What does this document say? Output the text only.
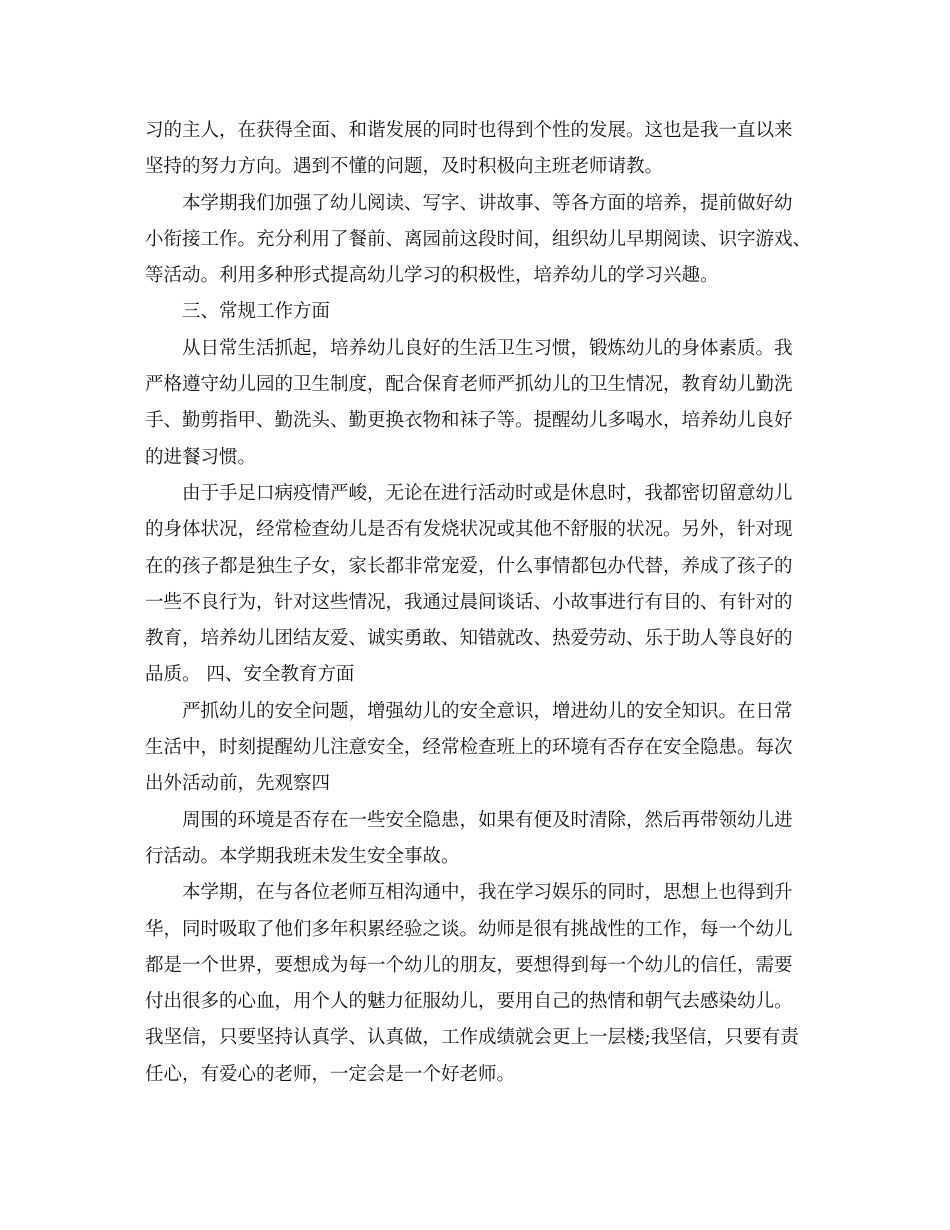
习的主人，在获得全面、和谐发展的同时也得到个性的发展。这也是我一直以来
坚持的努力方向。遇到不懂的问题，及时积极向主班老师请教。
本学期我们加强了幼儿阅读、写字、讲故事、等各方面的培养，提前做好幼
小衔接工作。充分利用了餐前、离园前这段时间，组织幼儿早期阅读、识字游戏、
等活动。利用多种形式提高幼儿学习的积极性，培养幼儿的学习兴趣。
三、常规工作方面
从日常生活抓起，培养幼儿良好的生活卫生习惯，锻炼幼儿的身体素质。我
严格遵守幼儿园的卫生制度，配合保育老师严抓幼儿的卫生情况，教育幼儿勤洗
手、勤剪指甲、勤洗头、勤更换衣物和袜子等。提醒幼儿多喝水，培养幼儿良好
的进餐习惯。
由于手足口病疫情严峻，无论在进行活动时或是休息时，我都密切留意幼儿
的身体状况，经常检查幼儿是否有发烧状况或其他不舒服的状况。另外，针对现
在的孩子都是独生子女，家长都非常宠爱，什么事情都包办代替，养成了孩子的
一些不良行为，针对这些情况，我通过晨间谈话、小故事进行有目的、有针对的
教育，培养幼儿团结友爱、诚实勇敢、知错就改、热爱劳动、乐于助人等良好的
品质。 四、安全教育方面
严抓幼儿的安全问题，增强幼儿的安全意识，增进幼儿的安全知识。在日常
生活中，时刻提醒幼儿注意安全，经常检查班上的环境有否存在安全隐患。每次
出外活动前，先观察四
周围的环境是否存在一些安全隐患，如果有便及时清除，然后再带领幼儿进
行活动。本学期我班未发生安全事故。
本学期，在与各位老师互相沟通中，我在学习娱乐的同时，思想上也得到升
华，同时吸取了他们多年积累经验之谈。幼师是很有挑战性的工作，每一个幼儿
都是一个世界，要想成为每一个幼儿的朋友，要想得到每一个幼儿的信任，需要
付出很多的心血，用个人的魅力征服幼儿，要用自己的热情和朝气去感染幼儿。
我坚信，只要坚持认真学、认真做，工作成绩就会更上一层楼;我坚信，只要有责
任心，有爱心的老师，一定会是一个好老师。
